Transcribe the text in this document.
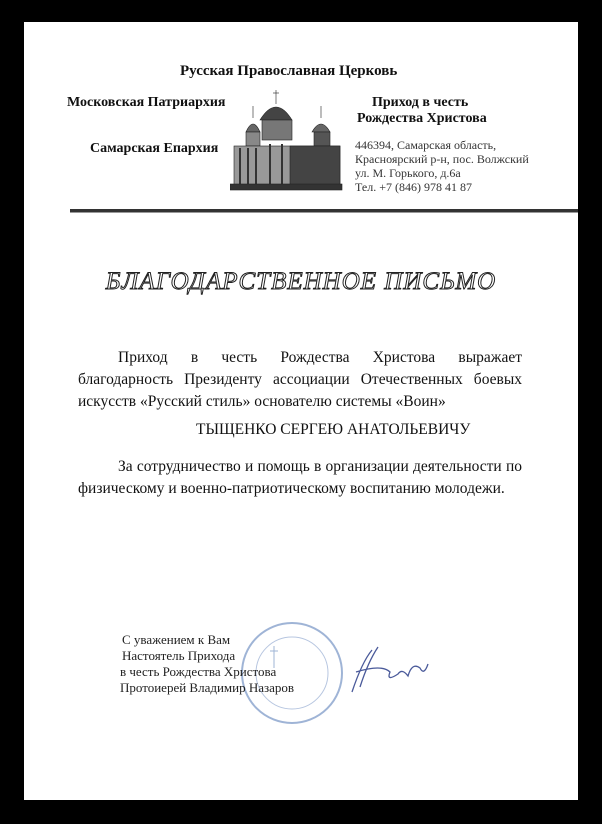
Русская Православная Церковь
Московская Патриархия
Самарская Епархия
Приход в честь
Рождества Христова
446394, Самарская область,
Красноярский р-н, пос. Волжский
ул. М. Горького, д.6а
Тел. +7 (846) 978 41 87
БЛАГОДАРСТВЕННОЕ ПИСЬМО
Приход в честь Рождества Христова выражает благодарность Президенту ассоциации Отечественных боевых искусств «Русский стиль» основателю системы «Воин»
ТЫЩЕНКО СЕРГЕЮ АНАТОЛЬЕВИЧУ
За сотрудничество и помощь в организации деятельности по физическому и военно-патриотическому воспитанию молодежи.
С уважением к Вам
Настоятель Прихода
в честь Рождества Христова
Протоиерей Владимир Назаров
